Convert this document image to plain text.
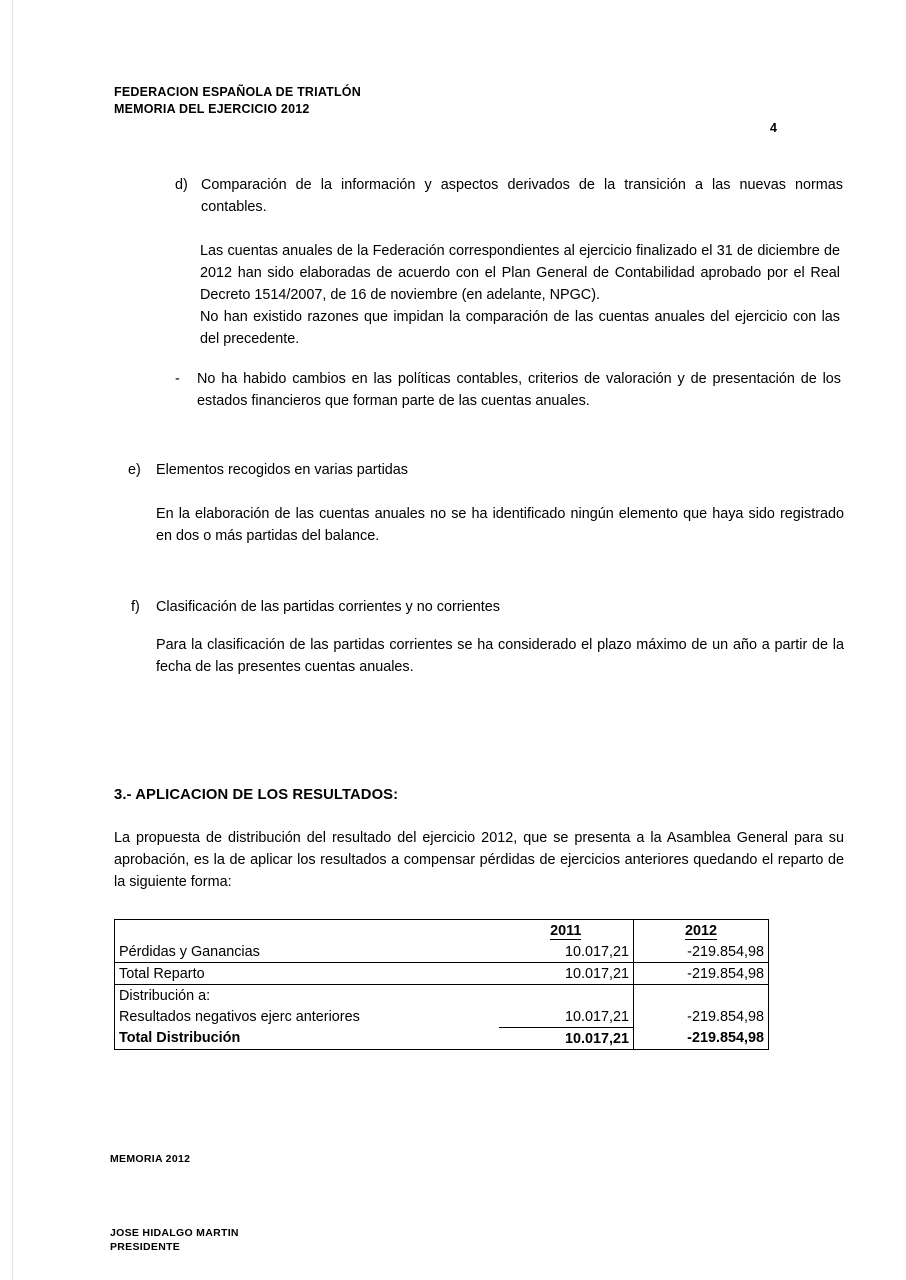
FEDERACION ESPAÑOLA DE TRIATLÓN
MEMORIA DEL EJERCICIO 2012
4
d) Comparación de la información y aspectos derivados de la transición a las nuevas normas contables.
Las cuentas anuales de la Federación correspondientes al ejercicio finalizado el 31 de diciembre de 2012 han sido elaboradas de acuerdo con el Plan General de Contabilidad aprobado por el Real Decreto 1514/2007, de 16 de noviembre (en adelante, NPGC).
No han existido razones que impidan la comparación de las cuentas anuales del ejercicio con las del precedente.
-	No ha habido cambios en las políticas contables, criterios de valoración y de presentación de los estados financieros que forman parte de las cuentas anuales.
e)	Elementos recogidos en varias partidas
En la elaboración de las cuentas anuales no se ha identificado ningún elemento que haya sido registrado en dos o más partidas del balance.
f)	Clasificación de las partidas corrientes y no corrientes
Para la clasificación de las partidas corrientes se ha considerado el plazo máximo de un año a partir de la fecha de las presentes cuentas anuales.
3.- APLICACION DE LOS RESULTADOS:
La propuesta de distribución del resultado del ejercicio 2012, que se presenta a la Asamblea General para su aprobación, es la de aplicar los resultados a compensar pérdidas de ejercicios anteriores quedando el reparto de la siguiente forma:
	2011	2012
Pérdidas y Ganancias	10.017,21	-219.854,98
Total Reparto	10.017,21	-219.854,98
Distribución a:		
Resultados negativos ejerc anteriores	10.017,21	-219.854,98
Total Distribución	10.017,21	-219.854,98
MEMORIA 2012
JOSE HIDALGO MARTIN
PRESIDENTE
